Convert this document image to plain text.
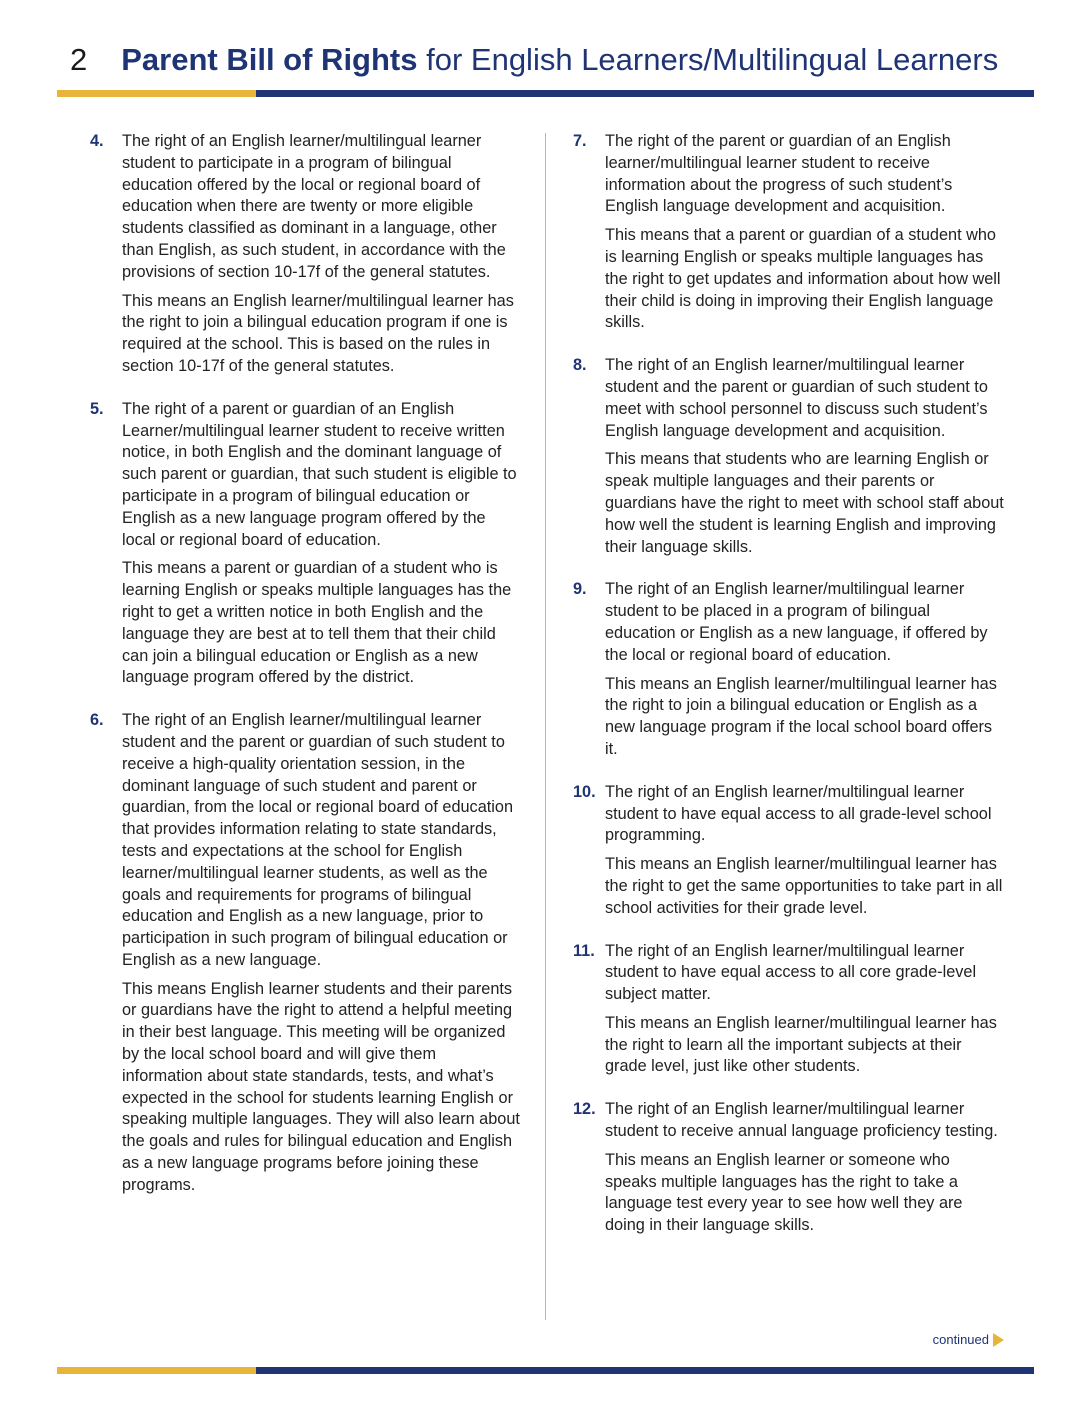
2 Parent Bill of Rights for English Learners/Multilingual Learners
4. The right of an English learner/multilingual learner student to participate in a program of bilingual education offered by the local or regional board of education when there are twenty or more eligible students classified as dominant in a language, other than English, as such student, in accordance with the provisions of section 10-17f of the general statutes.

This means an English learner/multilingual learner has the right to join a bilingual education program if one is required at the school. This is based on the rules in section 10-17f of the general statutes.

5. The right of a parent or guardian of an English Learner/multilingual learner student to receive written notice, in both English and the dominant language of such parent or guardian, that such student is eligible to participate in a program of bilingual education or English as a new language program offered by the local or regional board of education.

This means a parent or guardian of a student who is learning English or speaks multiple languages has the right to get a written notice in both English and the language they are best at to tell them that their child can join a bilingual education or English as a new language program offered by the district.

6. The right of an English learner/multilingual learner student and the parent or guardian of such student to receive a high-quality orientation session, in the dominant language of such student and parent or guardian, from the local or regional board of education that provides information relating to state standards, tests and expectations at the school for English learner/multilingual learner students, as well as the goals and requirements for programs of bilingual education and English as a new language, prior to participation in such program of bilingual education or English as a new language.

This means English learner students and their parents or guardians have the right to attend a helpful meeting in their best language. This meeting will be organized by the local school board and will give them information about state standards, tests, and what’s expected in the school for students learning English or speaking multiple languages. They will also learn about the goals and rules for bilingual education and English as a new language programs before joining these programs.

7. The right of the parent or guardian of an English learner/multilingual learner student to receive information about the progress of such student’s English language development and acquisition.

This means that a parent or guardian of a student who is learning English or speaks multiple languages has the right to get updates and information about how well their child is doing in improving their English language skills.

8. The right of an English learner/multilingual learner student and the parent or guardian of such student to meet with school personnel to discuss such student’s English language development and acquisition.

This means that students who are learning English or speak multiple languages and their parents or guardians have the right to meet with school staff about how well the student is learning English and improving their language skills.

9. The right of an English learner/multilingual learner student to be placed in a program of bilingual education or English as a new language, if offered by the local or regional board of education.

This means an English learner/multilingual learner has the right to join a bilingual education or English as a new language program if the local school board offers it.

10. The right of an English learner/multilingual learner student to have equal access to all grade-level school programming.

This means an English learner/multilingual learner has the right to get the same opportunities to take part in all school activities for their grade level.

11. The right of an English learner/multilingual learner student to have equal access to all core grade-level subject matter.

This means an English learner/multilingual learner has the right to learn all the important subjects at their grade level, just like other students.

12. The right of an English learner/multilingual learner student to receive annual language proficiency testing.

This means an English learner or someone who speaks multiple languages has the right to take a language test every year to see how well they are doing in their language skills.

continued
